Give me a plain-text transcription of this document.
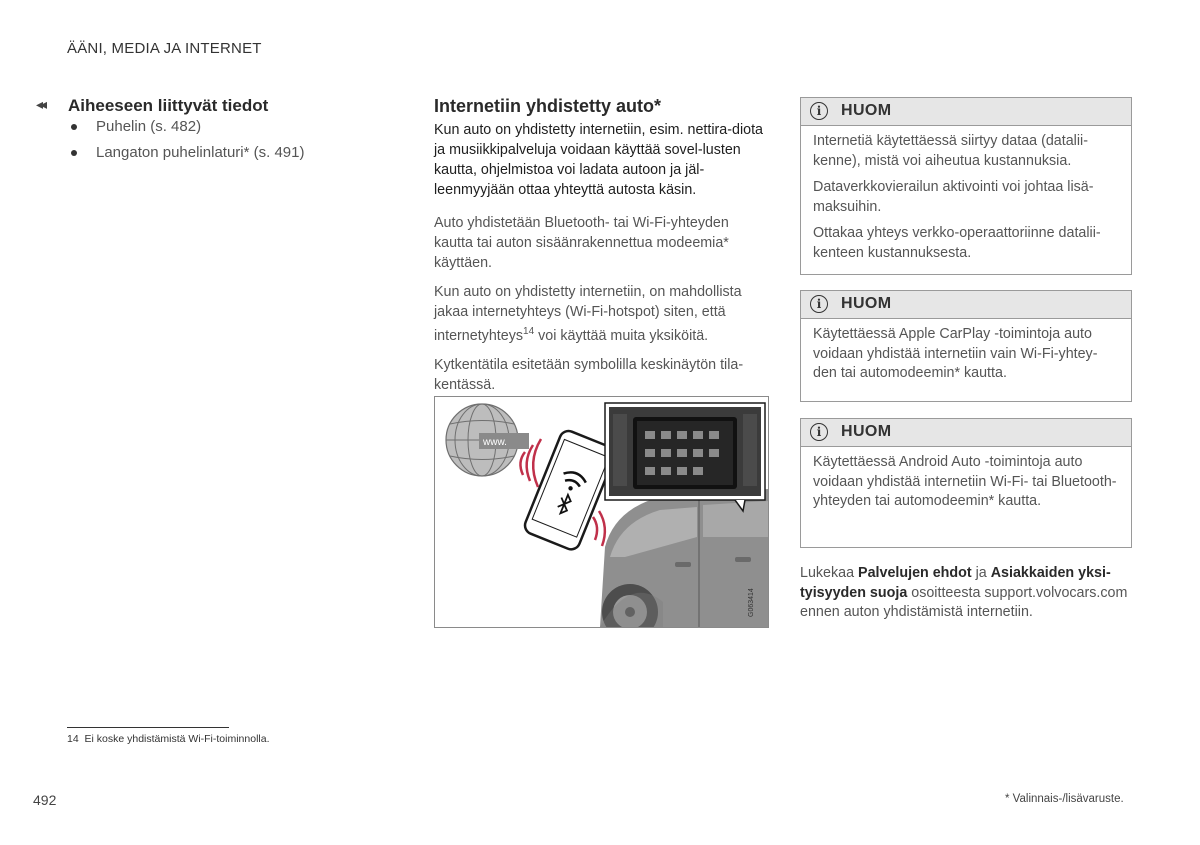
ÄÄNI, MEDIA JA INTERNET
◂◂ Aiheeseen liittyvät tiedot
Puhelin (s. 482)
Langaton puhelinlaturi* (s. 491)
Internetiin yhdistetty auto*
Kun auto on yhdistetty internetiin, esim. nettira-diota ja musiikkipalveluja voidaan käyttää sovel-lusten kautta, ohjelmistoa voi ladata autoon ja jäl-leenmyyjään ottaa yhteyttä autosta käsin.

Auto yhdistetään Bluetooth- tai Wi-Fi-yhteyden kautta tai auton sisäänrakennettua modeemia* käyttäen.

Kun auto on yhdistetty internetiin, on mahdollista jakaa internetyhteys (Wi-Fi-hotspot) siten, että internetyhteys$^{14}$ voi käyttää muita yksiköitä.

Kytkentätila esitetään symbolilla keskinäytön tila-kentässä.

www.
G063414
i	HUOM

Internetiä käytettäessä siirtyy dataa (datalii-kenne), mistä voi aiheutua kustannuksia.

Dataverkkovierailun aktivointi voi johtaa lisä-maksuihin.

Ottakaa yhteys verkko-operaattoriinne datalii-kenteen kustannuksesta.

i	HUOM

Käytettäessä Apple CarPlay -toimintoja auto voidaan yhdistää internetiin vain Wi-Fi-yhtey-den tai automodeemin* kautta.

i	HUOM

Käytettäessä Android Auto -toimintoja auto voidaan yhdistää internetiin Wi-Fi- tai Bluetooth-yhteyden tai automodeemin* kautta.

Lukekaa Palvelujen ehdot ja Asiakkaiden yksi-tyisyyden suoja osoitteesta support.volvocars.com ennen auton yhdistämistä internetiin.
14 Ei koske yhdistämistä Wi-Fi-toiminnolla.
492	* Valinnais-/lisävaruste.
